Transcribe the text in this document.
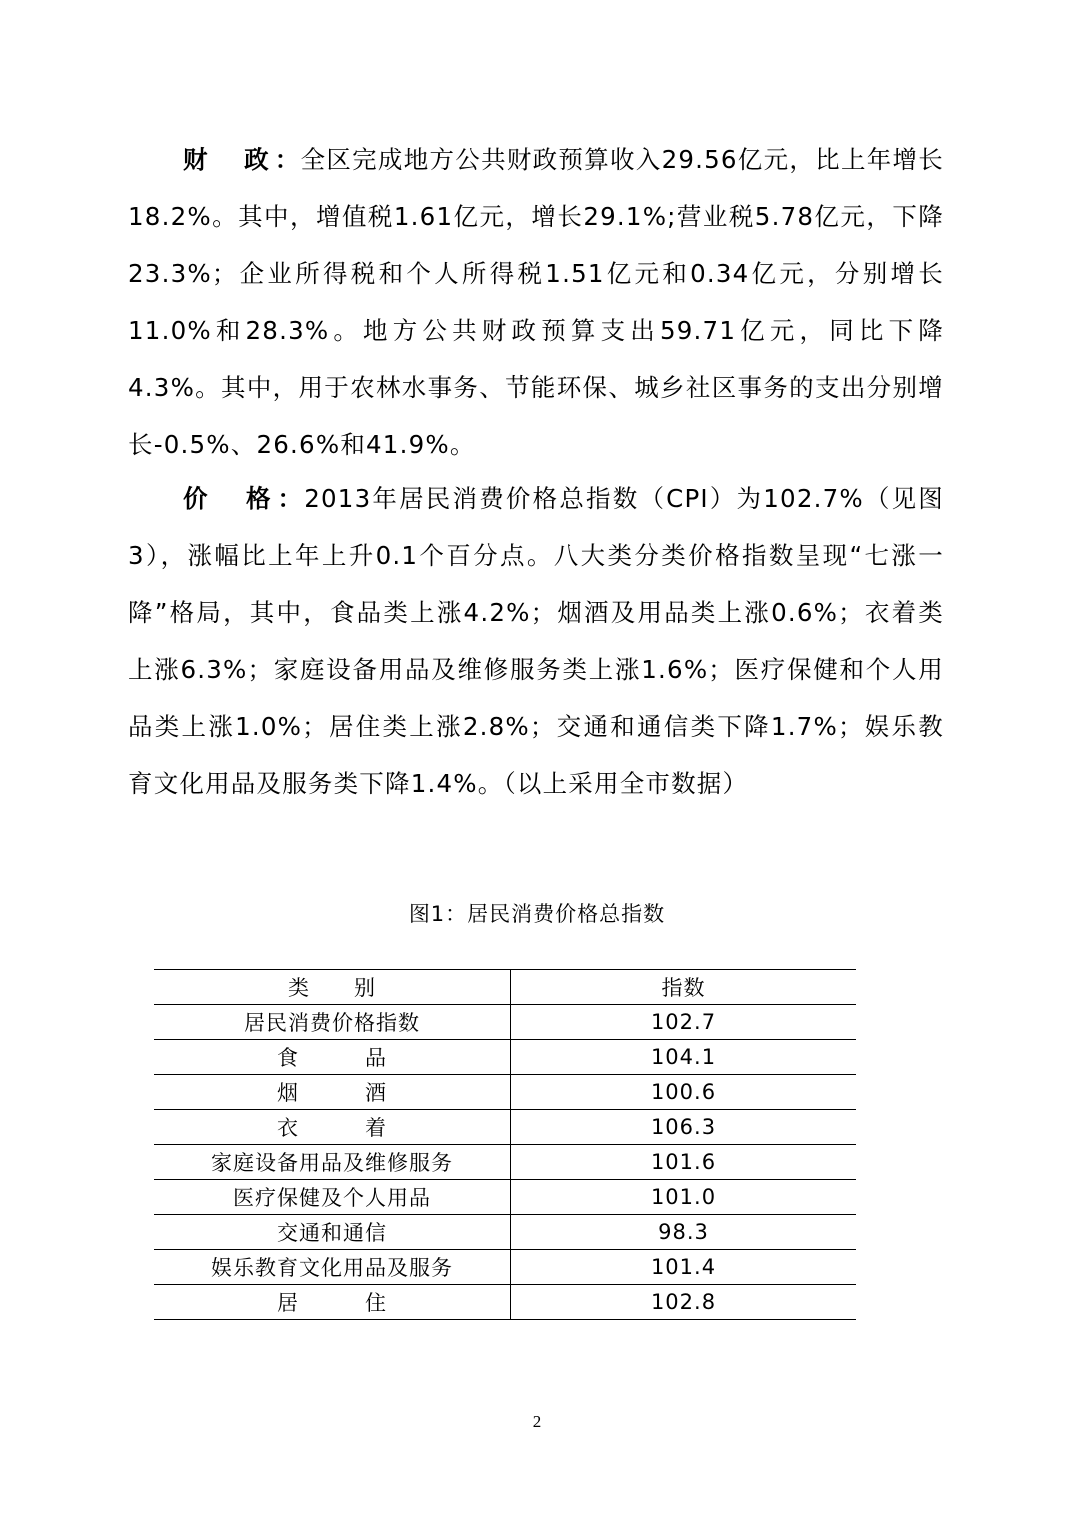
财　政：全区完成地方公共财政预算收入29.56亿元，比上年增长18.2%。其中，增值税1.61亿元，增长29.1%;营业税5.78亿元，下降23.3%；企业所得税和个人所得税1.51亿元和0.34亿元，分别增长11.0%和28.3%。地方公共财政预算支出59.71亿元，同比下降4.3%。其中，用于农林水事务、节能环保、城乡社区事务的支出分别增长-0.5%、26.6%和41.9%。

价　格：2013年居民消费价格总指数（CPI）为102.7%（见图3），涨幅比上年上升0.1个百分点。八大类分类价格指数呈现“七涨一降”格局，其中，食品类上涨4.2%；烟酒及用品类上涨0.6%；衣着类上涨6.3%；家庭设备用品及维修服务类上涨1.6%；医疗保健和个人用品类上涨1.0%；居住类上涨2.8%；交通和通信类下降1.7%；娱乐教育文化用品及服务类下降1.4%。（以上采用全市数据）

图1：居民消费价格总指数
类　　别	指数
居民消费价格指数	102.7
食　　　品	104.1
烟　　　酒	100.6
衣　　　着	106.3
家庭设备用品及维修服务	101.6
医疗保健及个人用品	101.0
交通和通信	98.3
娱乐教育文化用品及服务	101.4
居　　　住	102.8
2
